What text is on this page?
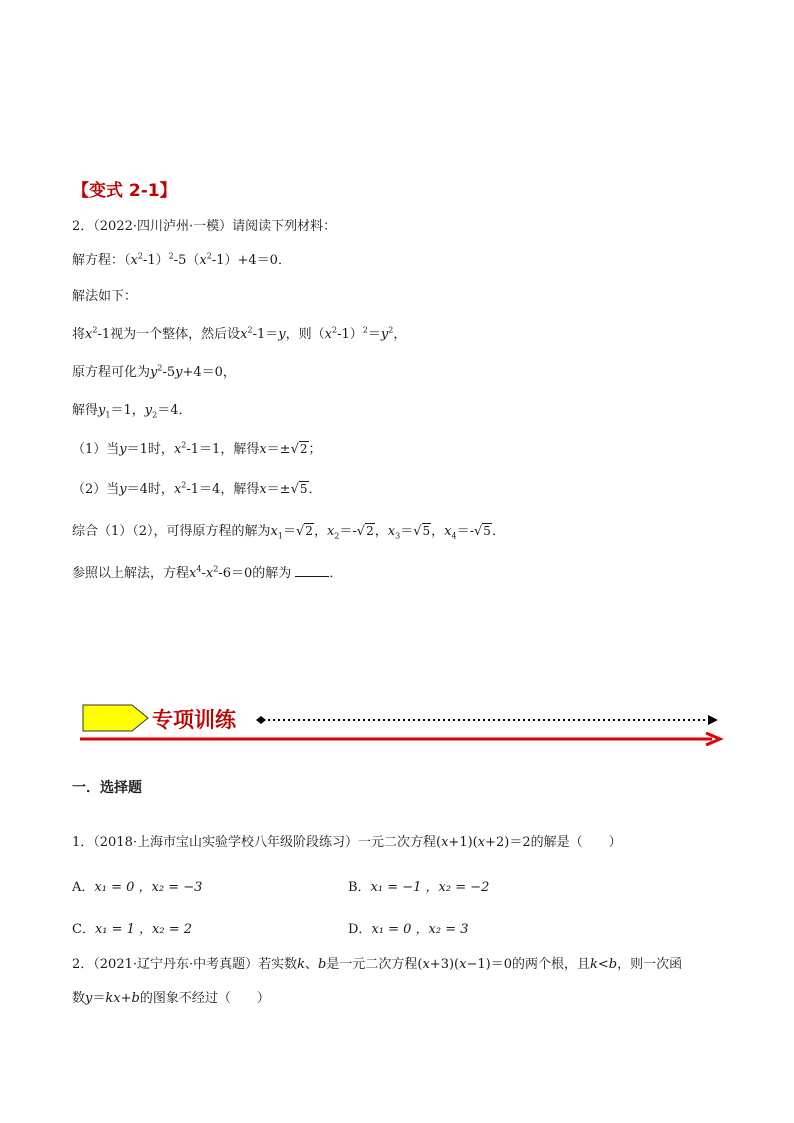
【变式 2-1】
2．（2022·四川泸州·一模）请阅读下列材料：
解方程：$(x^2-1)^2-5(x^2-1)+4=0$．
解法如下：
将$x^2-1$视为一个整体，然后设$x^2-1=y$，则$(x^2-1)^2=y^2$，
原方程可化为$y^2-5y+4=0$，
解得$y_1=1$，$y_2=4$．
（1）当y＝1时，$x^2-1=1$，解得x＝±√2；
（2）当y＝4时，$x^2-1=4$，解得x＝±√5．
综合（1）（2），可得原方程的解为$x_1=√2$，$x_2=-√2$，$x_3=√5$，$x_4=-√5$．
参照以上解法，方程$x^4-x^2-6=0$的解为	．
专项训练
一．选择题
1．（2018·上海市宝山实验学校八年级阶段练习）一元二次方程(x+1)(x+2)＝2的解是（　　）
A．x₁ = 0 ，x₂ = −3	B．x₁ = −1 ，x₂ = −2
C．x₁ = 1 ，x₂ = 2	D．x₁ = 0 ，x₂ = 3
2．（2021·辽宁丹东·中考真题）若实数k、b是一元二次方程(x+3)(x−1)＝0的两个根，且k<b，则一次函
数y＝kx+b的图象不经过（　　）
